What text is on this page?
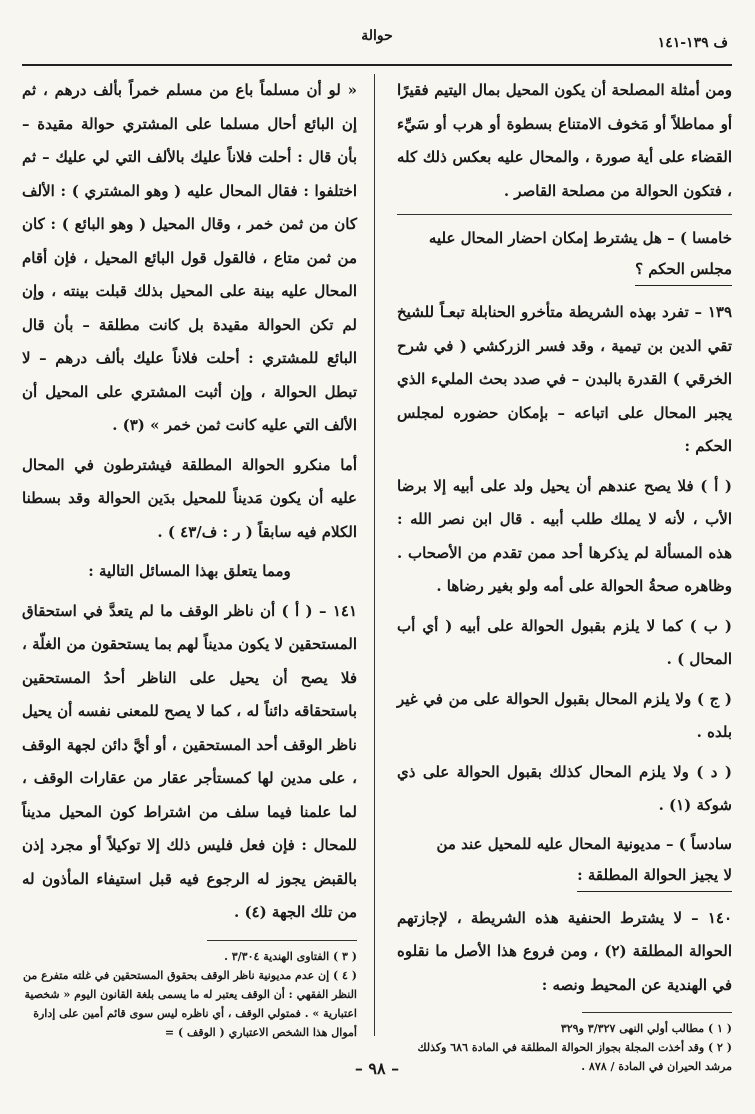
ف ١٣٩-١٤١
حوالة

ومن أمثلة المصلحة أن يكون المحيل بمال اليتيم فقيرًا أو مماطلاً أو مَخوف الامتناع بسطوة أو هرب أو سَيِّء القضاء على أية صورة ، والمحال عليه بعكس ذلك كله ، فتكون الحوالة من مصلحة القاصر .

خامسا ) – هل يشترط إمكان احضار المحال عليه
مجلس الحكم ؟

١٣٩ – تفرد بهذه الشريطة متأخرو الحنابلة تبعـاً للشيخ تقي الدين بن تيمية ، وقد فسر الزركشي ( في شرح الخرقي ) القدرة بالبدن – في صدد بحث المليء الذي يجبر المحال على اتباعه – بإمكان حضوره لمجلس الحكم :

( أ ) فلا يصح عندهم أن يحيل ولد على أبيه إلا برضا الأب ، لأنه لا يملك طلب أبيه . قال ابن نصر الله : هذه المسألة لم يذكرها أحد ممن تقدم من الأصحاب . وظاهره صحةُ الحوالة على أمه ولو بغير رضاها .

( ب ) كما لا يلزم بقبول الحوالة على أبيه ( أي أب المحال ) .

( ج ) ولا يلزم المحال بقبول الحوالة على من في غير بلده .

( د ) ولا يلزم المحال كذلك بقبول الحوالة على ذي شوكة (١) .

سادساً ) – مديونية المحال عليه للمحيل عند من
لا يجيز الحوالة المطلقة :

١٤٠ – لا يشترط الحنفية هذه الشريطة ، لإجازتهم الحوالة المطلقة (٢) ، ومن فروع هذا الأصل ما نقلوه في الهندية عن المحيط ونصه :

( ١ ) مطالب أولي النهى ٣/٣٢٧ و٣٢٩

( ٢ ) وقد أخذت المجلة بجواز الحوالة المطلقة في المادة ٦٨٦ وكذلك مرشد الحيران في المادة / ٨٧٨ .

« لو أن مسلماً باع من مسلم خمراً بألف درهم ، ثم إن البائع أحال مسلما على المشتري حوالة مقيدة – بأن قال : أحلت فلاناً عليك بالألف التي لي عليك – ثم اختلفوا : فقال المحال عليه ( وهو المشتري ) : الألف كان من ثمن خمر ، وقال المحيل ( وهو البائع ) : كان من ثمن متاع ، فالقول قول البائع المحيل ، فإن أقام المحال عليه بينة على المحيل بذلك قبلت بينته ، وإن لم تكن الحوالة مقيدة بل كانت مطلقة – بأن قال البائع للمشتري : أحلت فلاناً عليك بألف درهم – لا تبطل الحوالة ، وإن أثبت المشتري على المحيل أن الألف التي عليه كانت ثمن خمر » (٣) .

أما منكرو الحوالة المطلقة فيشترطون في المحال عليه أن يكون مَديناً للمحيل بدَين الحوالة وقد بسطنا الكلام فيه سابقاً ( ر : ف/٤٣ ) .

ومما يتعلق بهذا المسائل التالية :

١٤١ – ( أ ) أن ناظر الوقف ما لم يتعدَّ في استحقاق المستحقين لا يكون مديناً لهم بما يستحقون من الغلّة ، فلا يصح أن يحيل على الناظر أحدُ المستحقين باستحقاقه دائناً له ، كما لا يصح للمعنى نفسه أن يحيل ناظر الوقف أحد المستحقين ، أو أيَّ دائن لجهة الوقف ، على مدين لها كمستأجر عقار من عقارات الوقف ، لما علمنا فيما سلف من اشتراط كون المحيل مديناً للمحال : فإن فعل فليس ذلك إلا توكيلاً أو مجرد إذن بالقبض يجوز له الرجوع فيه قبل استيفاء المأذون له من تلك الجهة (٤) .

( ٣ ) الفتاوى الهندية ٣/٣٠٤ .

( ٤ ) إن عدم مديونية ناظر الوقف بحقوق المستحقين في غلته متفرع من النظر الفقهي : أن الوقف يعتبر له ما يسمى بلغة القانون اليوم « شخصية اعتبارية » . فمتولي الوقف ، أي ناظره ليس سوى قائم أمين على إدارة أموال هذا الشخص الاعتباري ( الوقف ) =

– ٩٨ –
